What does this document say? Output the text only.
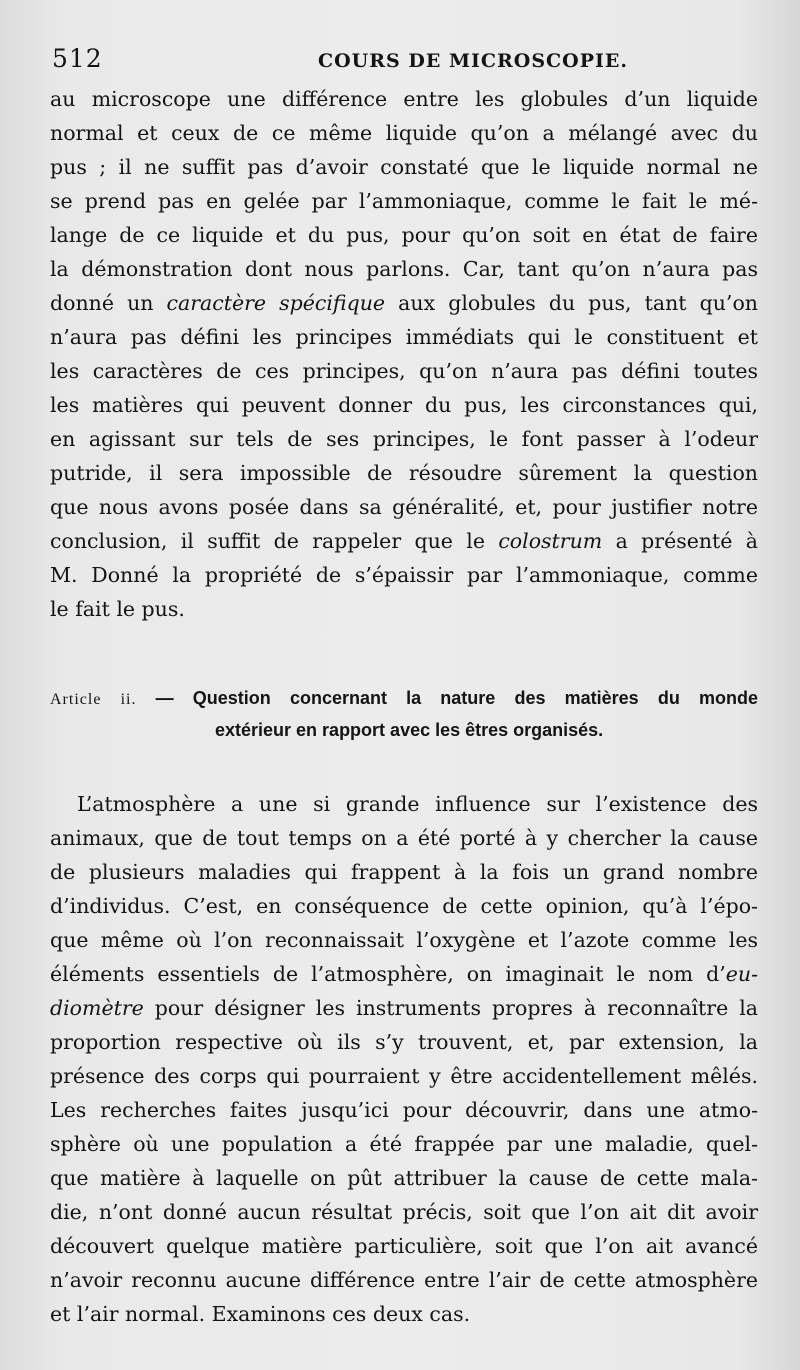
512	COURS DE MICROSCOPIE.
au microscope une différence entre les globules d’un liquide
normal et ceux de ce même liquide qu’on a mélangé avec du
pus ; il ne suffit pas d’avoir constaté que le liquide normal ne
se prend pas en gelée par l’ammoniaque, comme le fait le mé-
lange de ce liquide et du pus, pour qu’on soit en état de faire
la démonstration dont nous parlons. Car, tant qu’on n’aura pas
donné un caractère spécifique aux globules du pus, tant qu’on
n’aura pas défini les principes immédiats qui le constituent et
les caractères de ces principes, qu’on n’aura pas défini toutes
les matières qui peuvent donner du pus, les circonstances qui,
en agissant sur tels de ses principes, le font passer à l’odeur
putride, il sera impossible de résoudre sûrement la question
que nous avons posée dans sa généralité, et, pour justifier notre
conclusion, il suffit de rappeler que le colostrum a présenté à
M. Donné la propriété de s’épaissir par l’ammoniaque, comme
le fait le pus.
Article ii. — Question concernant la nature des matières du monde
extérieur en rapport avec les êtres organisés.
L’atmosphère a une si grande influence sur l’existence des
animaux, que de tout temps on a été porté à y chercher la cause
de plusieurs maladies qui frappent à la fois un grand nombre
d’individus. C’est, en conséquence de cette opinion, qu’à l’épo-
que même où l’on reconnaissait l’oxygène et l’azote comme les
éléments essentiels de l’atmosphère, on imaginait le nom d’eu-
diomètre pour désigner les instruments propres à reconnaître la
proportion respective où ils s’y trouvent, et, par extension, la
présence des corps qui pourraient y être accidentellement mêlés.
Les recherches faites jusqu’ici pour découvrir, dans une atmo-
sphère où une population a été frappée par une maladie, quel-
que matière à laquelle on pût attribuer la cause de cette mala-
die, n’ont donné aucun résultat précis, soit que l’on ait dit avoir
découvert quelque matière particulière, soit que l’on ait avancé
n’avoir reconnu aucune différence entre l’air de cette atmosphère
et l’air normal. Examinons ces deux cas.
